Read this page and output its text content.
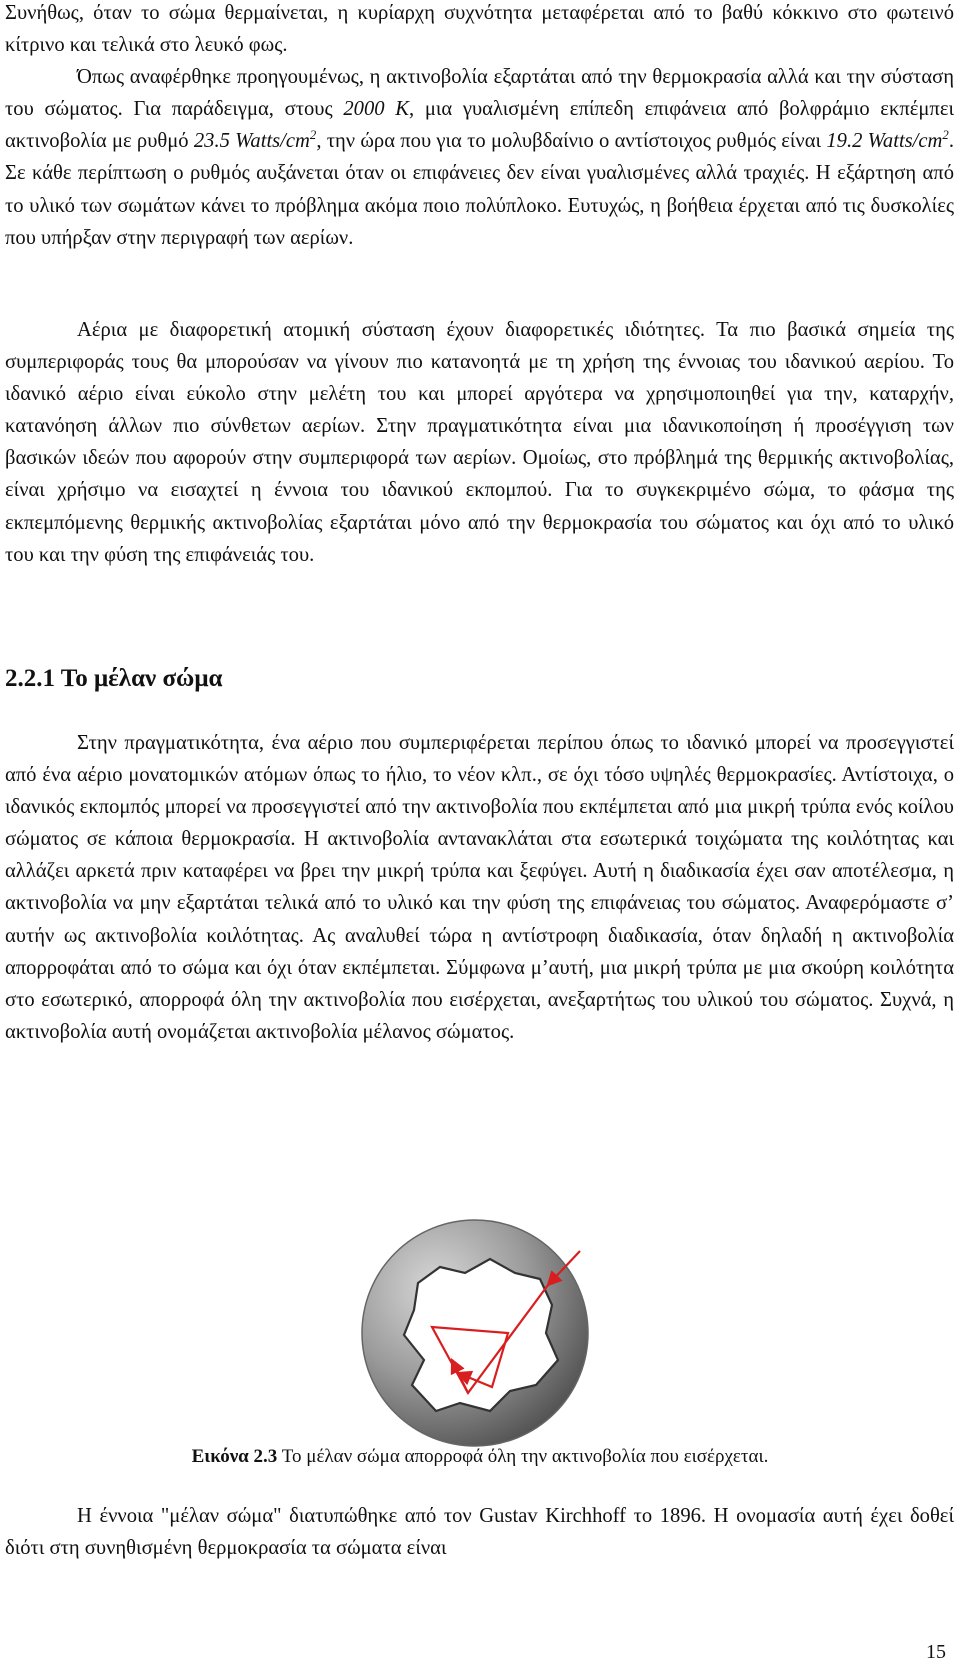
Συνήθως, όταν το σώμα θερμαίνεται, η κυρίαρχη συχνότητα μεταφέρεται από το βαθύ κόκκινο στο φωτεινό κίτρινο και τελικά στο λευκό φως.
Όπως αναφέρθηκε προηγουμένως, η ακτινοβολία εξαρτάται από την θερμοκρασία αλλά και την σύσταση του σώματος. Για παράδειγμα, στους 2000 K, μια γυαλισμένη επίπεδη επιφάνεια από βολφράμιο εκπέμπει ακτινοβολία με ρυθμό 23.5 Watts/$cm^2$, την ώρα που για το μολυβδαίνιο ο αντίστοιχος ρυθμός είναι 19.2 Watts/$cm^2$. Σε κάθε περίπτωση ο ρυθμός αυξάνεται όταν οι επιφάνειες δεν είναι γυαλισμένες αλλά τραχιές. Η εξάρτηση από το υλικό των σωμάτων κάνει το πρόβλημα ακόμα ποιο πολύπλοκο. Ευτυχώς, η βοήθεια έρχεται από τις δυσκολίες που υπήρξαν στην περιγραφή των αερίων.
Αέρια με διαφορετική ατομική σύσταση έχουν διαφορετικές ιδιότητες. Τα πιο βασικά σημεία της συμπεριφοράς τους θα μπορούσαν να γίνουν πιο κατανοητά με τη χρήση της έννοιας του ιδανικού αερίου. Το ιδανικό αέριο είναι εύκολο στην μελέτη του και μπορεί αργότερα να χρησιμοποιηθεί για την, καταρχήν, κατανόηση άλλων πιο σύνθετων αερίων. Στην πραγματικότητα είναι μια ιδανικοποίηση ή προσέγγιση των βασικών ιδεών που αφορούν στην συμπεριφορά των αερίων. Ομοίως, στο πρόβλημά της θερμικής ακτινοβολίας, είναι χρήσιμο να εισαχτεί η έννοια του ιδανικού εκπομπού. Για το συγκεκριμένο σώμα, το φάσμα της εκπεμπόμενης θερμικής ακτινοβολίας εξαρτάται μόνο από την θερμοκρασία του σώματος και όχι από το υλικό του και την φύση της επιφάνειάς του.
2.2.1 Το μέλαν σώμα
Στην πραγματικότητα, ένα αέριο που συμπεριφέρεται περίπου όπως το ιδανικό μπορεί να προσεγγιστεί από ένα αέριο μονατομικών ατόμων όπως το ήλιο, το νέον κλπ., σε όχι τόσο υψηλές θερμοκρασίες. Αντίστοιχα, ο ιδανικός εκπομπός μπορεί να προσεγγιστεί από την ακτινοβολία που εκπέμπεται από μια μικρή τρύπα ενός κοίλου σώματος σε κάποια θερμοκρασία. Η ακτινοβολία αντανακλάται στα εσωτερικά τοιχώματα της κοιλότητας και αλλάζει αρκετά πριν καταφέρει να βρει την μικρή τρύπα και ξεφύγει. Αυτή η διαδικασία έχει σαν αποτέλεσμα, η ακτινοβολία να μην εξαρτάται τελικά από το υλικό και την φύση της επιφάνειας του σώματος. Αναφερόμαστε σ’ αυτήν ως ακτινοβολία κοιλότητας. Ας αναλυθεί τώρα η αντίστροφη διαδικασία, όταν δηλαδή η ακτινοβολία απορροφάται από το σώμα και όχι όταν εκπέμπεται. Σύμφωνα μ’αυτή, μια μικρή τρύπα με μια σκούρη κοιλότητα στο εσωτερικό, απορροφά όλη την ακτινοβολία που εισέρχεται, ανεξαρτήτως του υλικού του σώματος. Συχνά, η ακτινοβολία αυτή ονομάζεται ακτινοβολία μέλανος σώματος.
Εικόνα 2.3 Το μέλαν σώμα απορροφά όλη την ακτινοβολία που εισέρχεται.
Η έννοια "μέλαν σώμα" διατυπώθηκε από τον Gustav Kirchhoff το 1896. Η ονομασία αυτή έχει δοθεί διότι στη συνηθισμένη θερμοκρασία τα σώματα είναι
15
